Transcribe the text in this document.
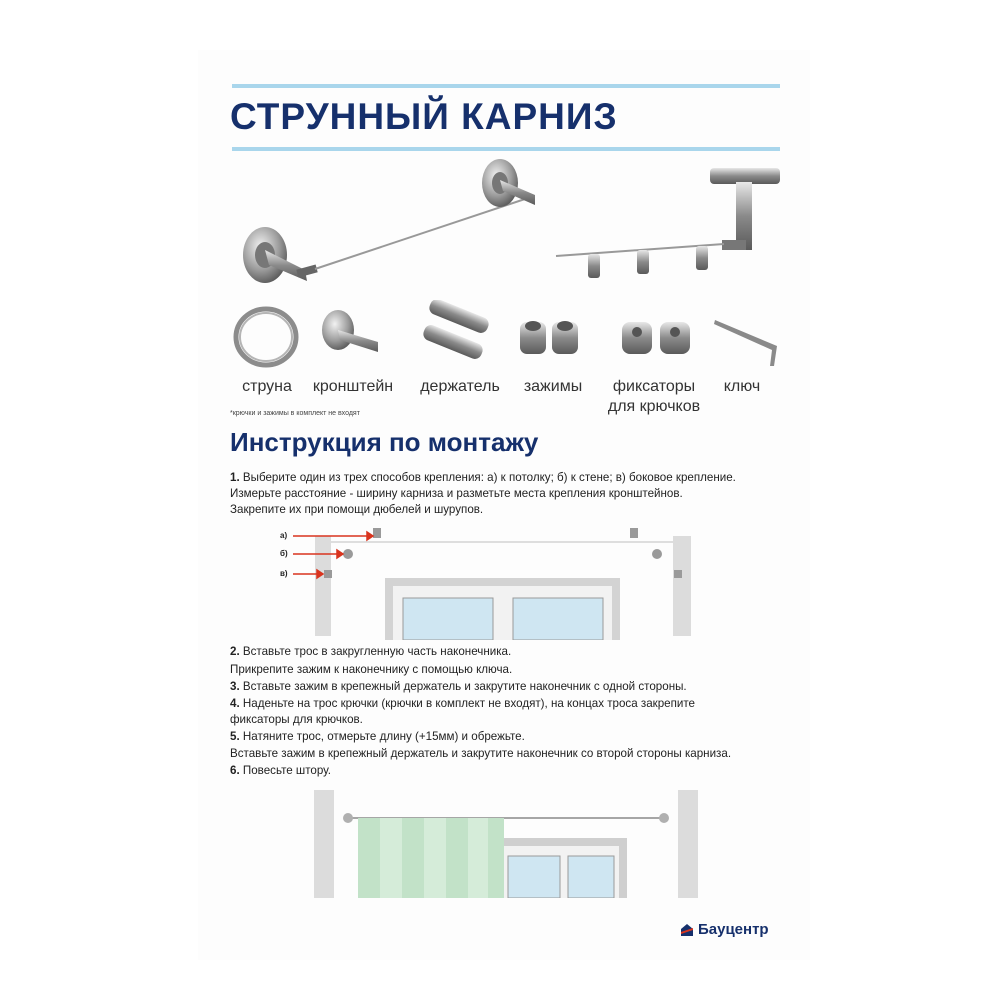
СТРУННЫЙ КАРНИЗ
струна	кронштейн	держатель	зажимы	фиксаторы
для крючков
ключ
*крючки и зажимы в комплект не входят
Инструкция по монтажу
1. Выберите один из трех способов крепления: а) к потолку; б) к стене; в) боковое крепление.
Измерьте расстояние - ширину карниза и разметьте места крепления кронштейнов.
Закрепите их при помощи дюбелей и шурупов.
а)
б)
в)
2. Вставьте трос в закругленную часть наконечника.
Прикрепите зажим к наконечнику с помощью ключа.
3. Вставьте зажим в крепежный держатель и закрутите наконечник с одной стороны.
4. Наденьте на трос крючки (крючки в комплект не входят), на концах троса закрепите
фиксаторы для крючков.
5. Натяните трос, отмерьте длину (+15мм) и обрежьте.
Вставьте зажим в крепежный держатель и закрутите наконечник со второй стороны карниза.
6. Повесьте штору.
Бауцентр
